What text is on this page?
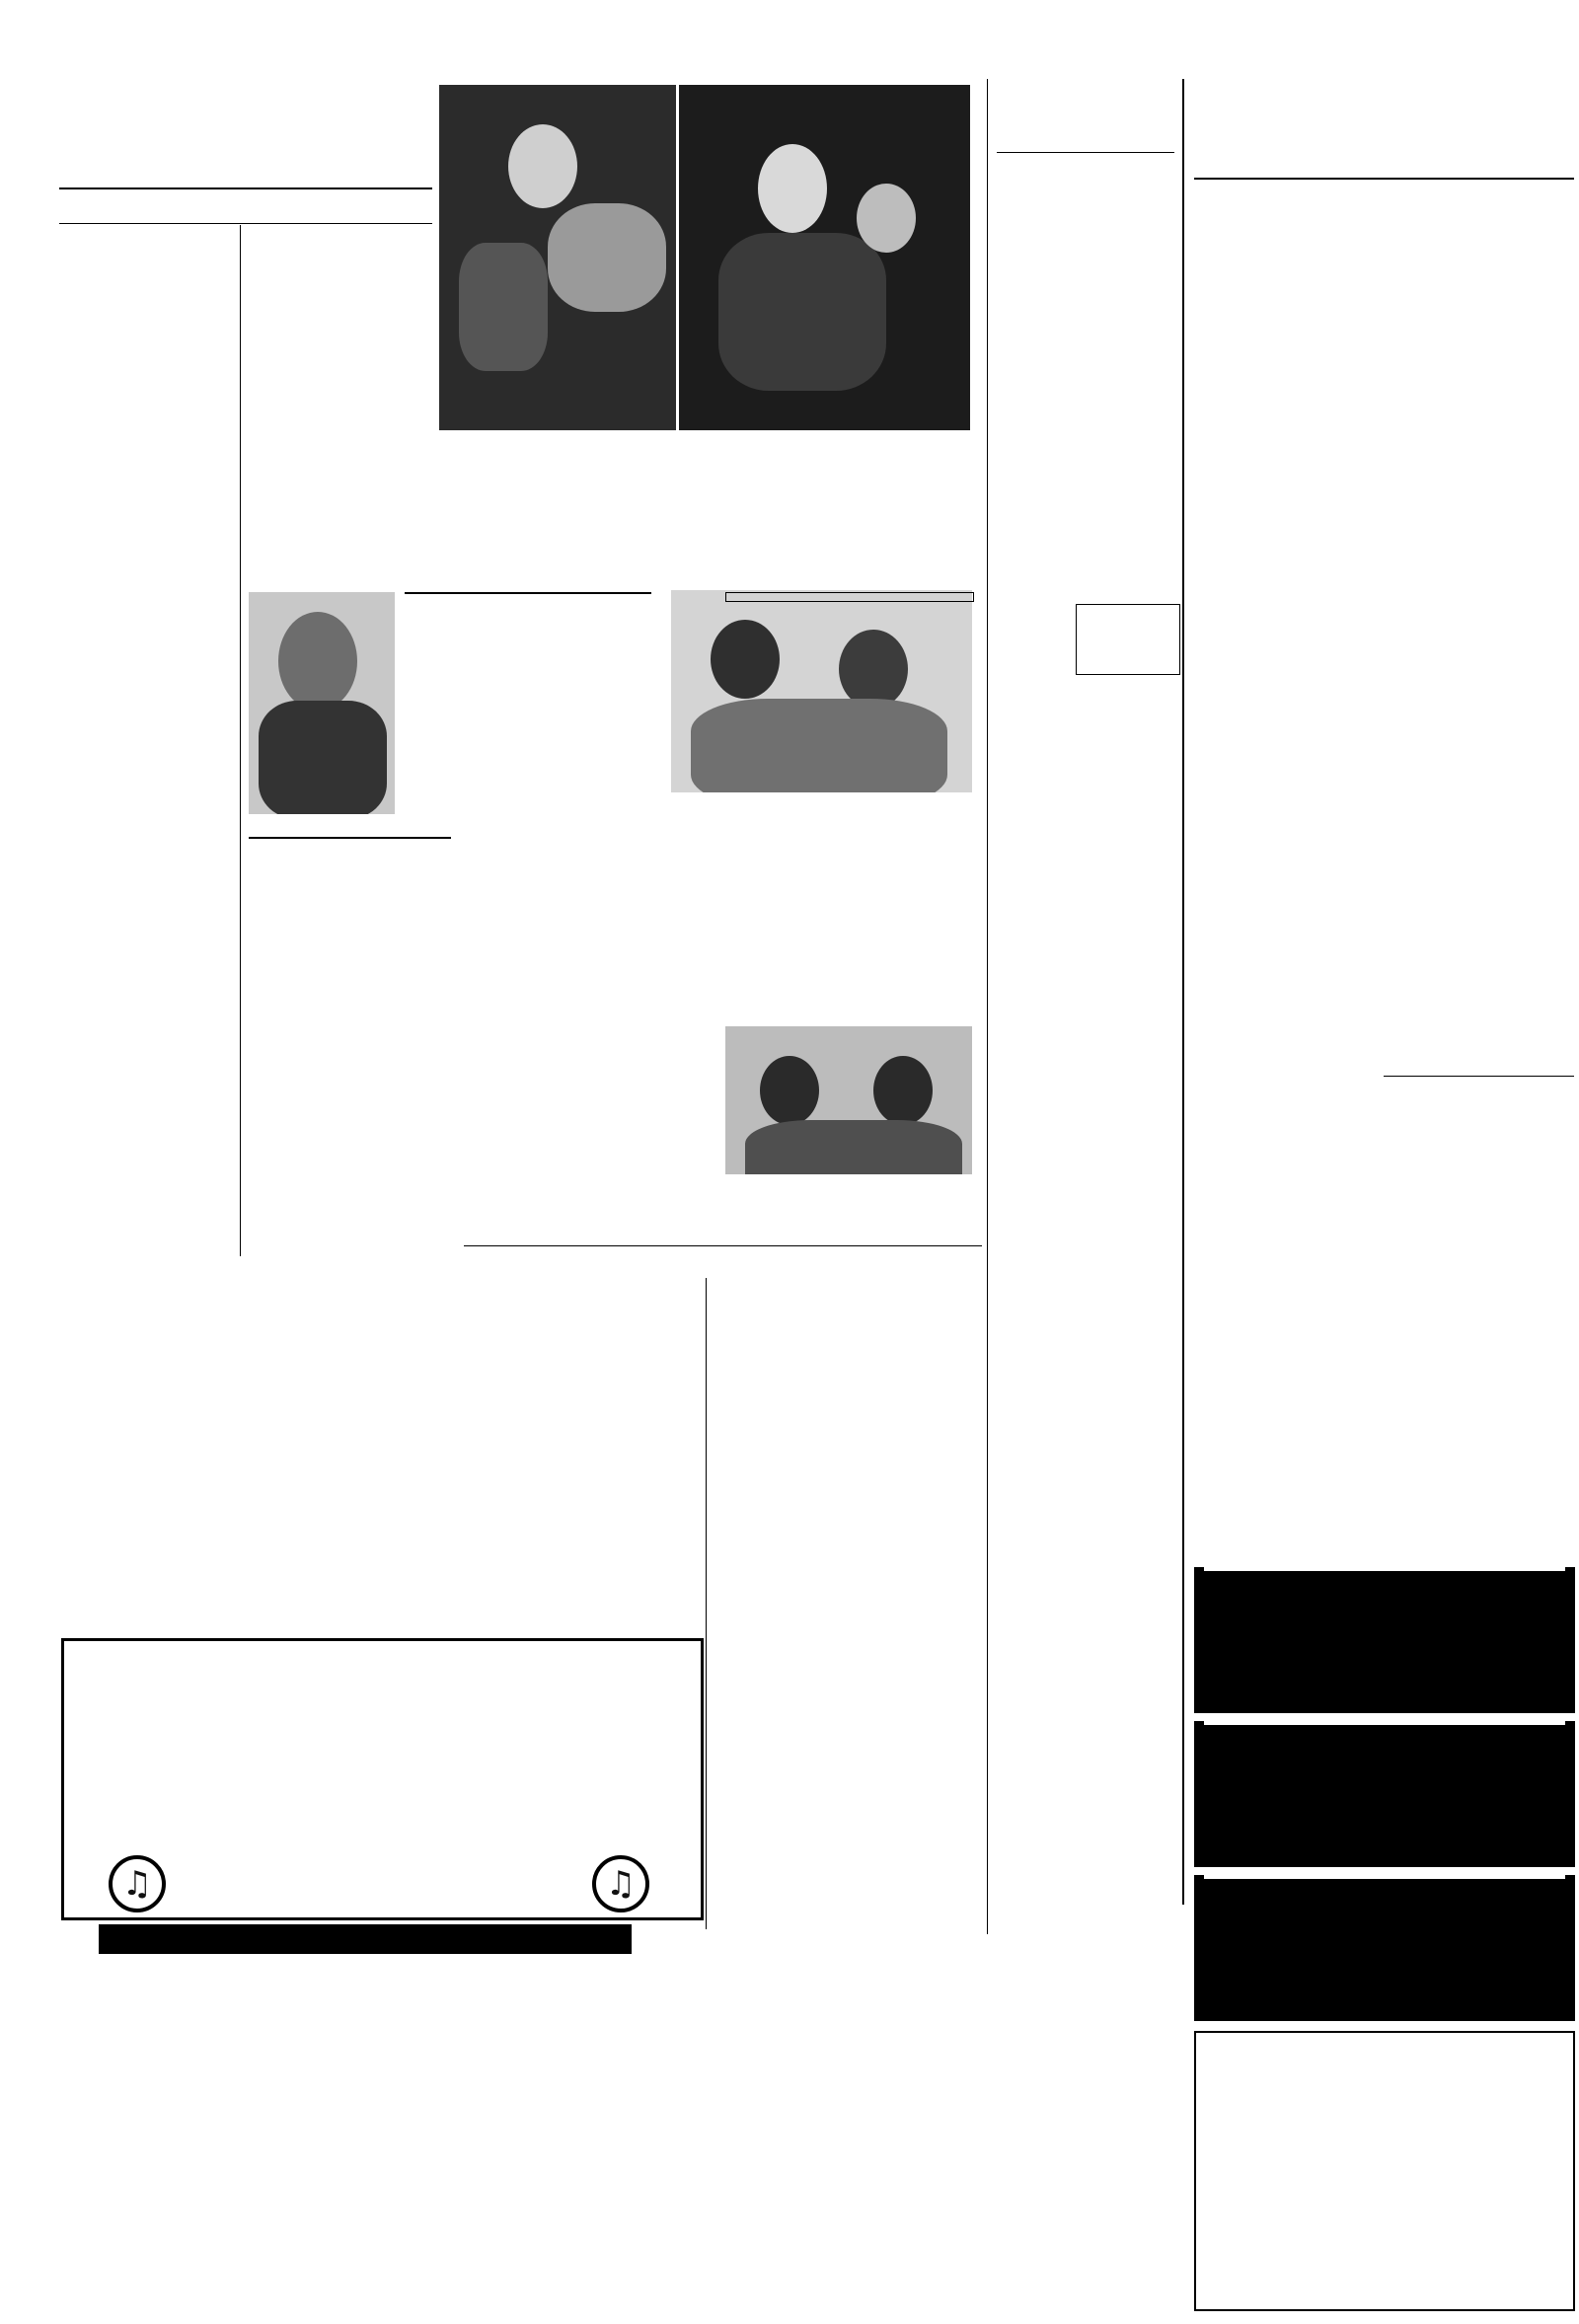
♫	♫
